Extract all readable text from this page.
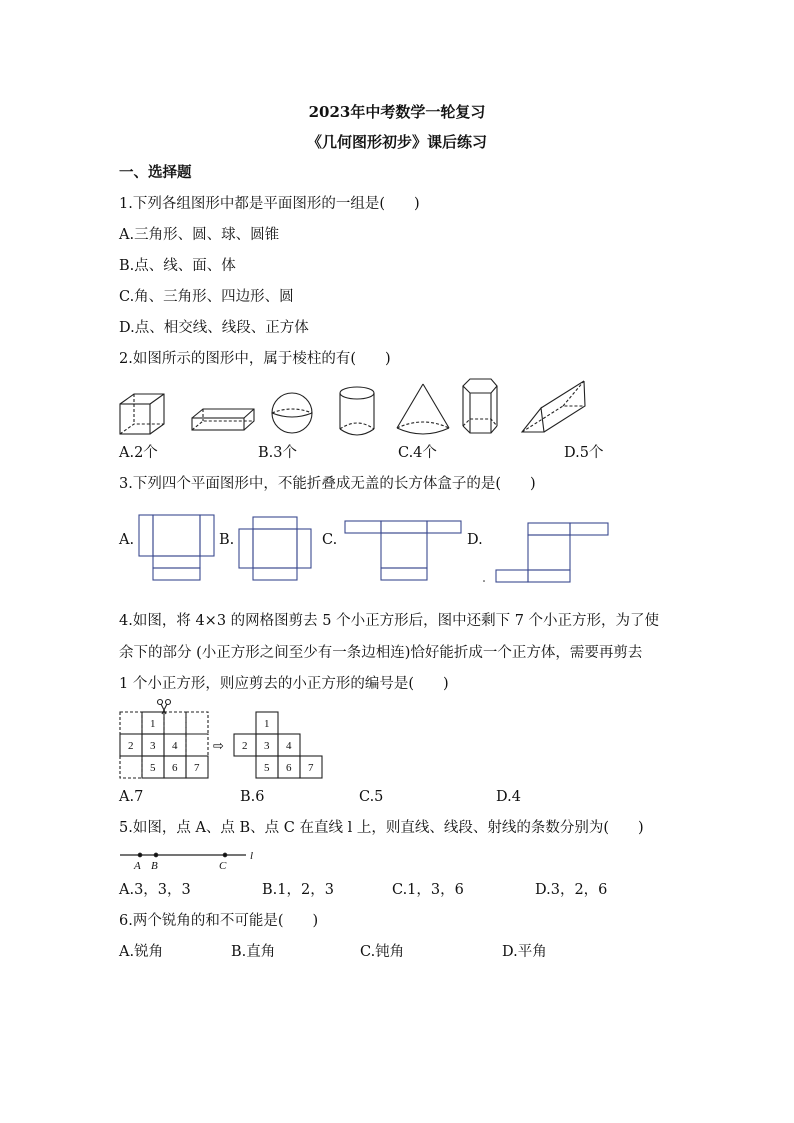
2023年中考数学一轮复习
《几何图形初步》课后练习
一、选择题
1.下列各组图形中都是平面图形的一组是(　　)
A.三角形、圆、球、圆锥
B.点、线、面、体
C.角、三角形、四边形、圆
D.点、相交线、线段、正方体
2.如图所示的图形中，属于棱柱的有(　　)
A.2个	B.3个	C.4个	D.5个
3.下列四个平面图形中，不能折叠成无盖的长方体盒子的是(　　)
A.	B.	C.	D.
4.如图，将 4×3 的网格图剪去 5 个小正方形后，图中还剩下 7 个小正方形，为了使
余下的部分 (小正方形之间至少有一条边相连)恰好能折成一个正方体，需要再剪去
1 个小正方形，则应剪去的小正方形的编号是(　　)
1
2 3 4
5 6 7
⇨
1
2 3 4
5 6 7
A.7	B.6	C.5	D.4
5.如图，点 A、点 B、点 C 在直线 l 上，则直线、线段、射线的条数分别为(　　)
A B	C
l
A.3，3，3	B.1，2，3	C.1，3，6	D.3，2，6
6.两个锐角的和不可能是(　　)
A.锐角	B.直角	C.钝角	D.平角
